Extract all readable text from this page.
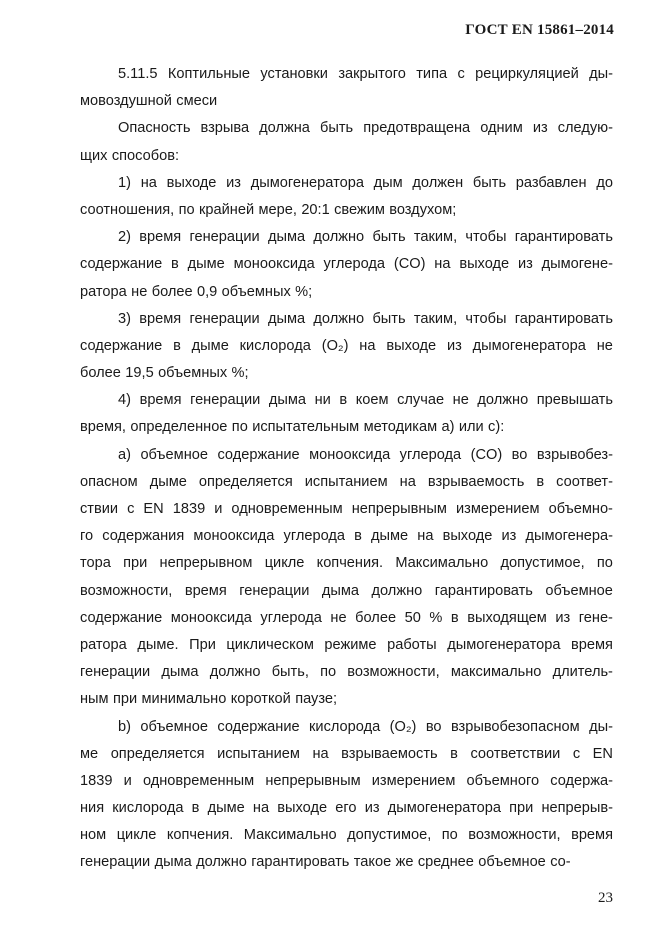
ГОСТ EN 15861–2014
5.11.5 Коптильные установки закрытого типа с рециркуляцией ды-
мовоздушной смеси
Опасность взрыва должна быть предотвращена одним из следую-
щих способов:
1) на выходе из дымогенератора дым должен быть разбавлен до
соотношения, по крайней мере, 20:1 свежим воздухом;
2) время генерации дыма должно быть таким, чтобы гарантировать
содержание в дыме монооксида углерода (CO) на выходе из дымогене-
ратора не более 0,9 объемных %;
3) время генерации дыма должно быть таким, чтобы гарантировать
содержание в дыме кислорода (O₂) на выходе из дымогенератора не
более 19,5 объемных %;
4) время генерации дыма ни в коем случае не должно превышать
время, определенное по испытательным методикам а) или с):
а) объемное содержание монооксида углерода (CO) во взрывобез-
опасном дыме определяется испытанием на взрываемость в соответ-
ствии с EN 1839 и одновременным непрерывным измерением объемно-
го содержания монооксида углерода в дыме на выходе из дымогенера-
тора при непрерывном цикле копчения. Максимально допустимое, по
возможности, время генерации дыма должно гарантировать объемное
содержание монооксида углерода не более 50 % в выходящем из гене-
ратора дыме. При циклическом режиме работы дымогенератора время
генерации дыма должно быть, по возможности, максимально длитель-
ным при минимально короткой паузе;
b) объемное содержание кислорода (O₂) во взрывобезопасном ды-
ме определяется испытанием на взрываемость в соответствии с EN
1839 и одновременным непрерывным измерением объемного содержа-
ния кислорода в дыме на выходе его из дымогенератора при непрерыв-
ном цикле копчения. Максимально допустимое, по возможности, время
генерации дыма должно гарантировать такое же среднее объемное со-
23
